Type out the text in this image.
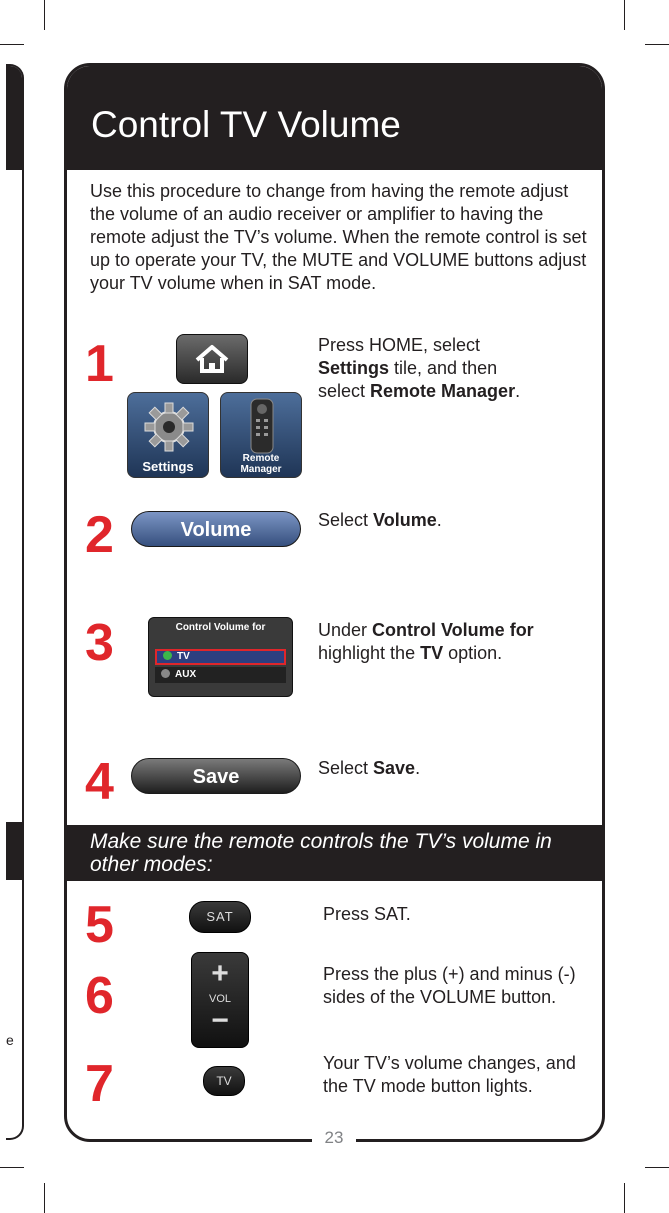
e
Control TV Volume
Use this procedure to change from having the remote adjust the volume of an audio receiver or amplifier to having the remote adjust the TV’s volume. When the remote control is set up to operate your TV, the MUTE and VOLUME buttons adjust your TV volume when in SAT mode.
1
Settings
Remote
Manager
Press HOME, select Settings tile, and then select Remote Manager.
2	Volume	Select Volume.
3	Control Volume for
TV
AUX
Under Control Volume for highlight the TV option.
4	Save	Select Save.
Make sure the remote controls the TV’s volume in other modes:
5	SAT	Press SAT.
6	+
VOL
−
Press the plus (+) and minus (-) sides of the VOLUME button.
7	TV
Your TV’s volume changes, and the TV mode button lights.
23
